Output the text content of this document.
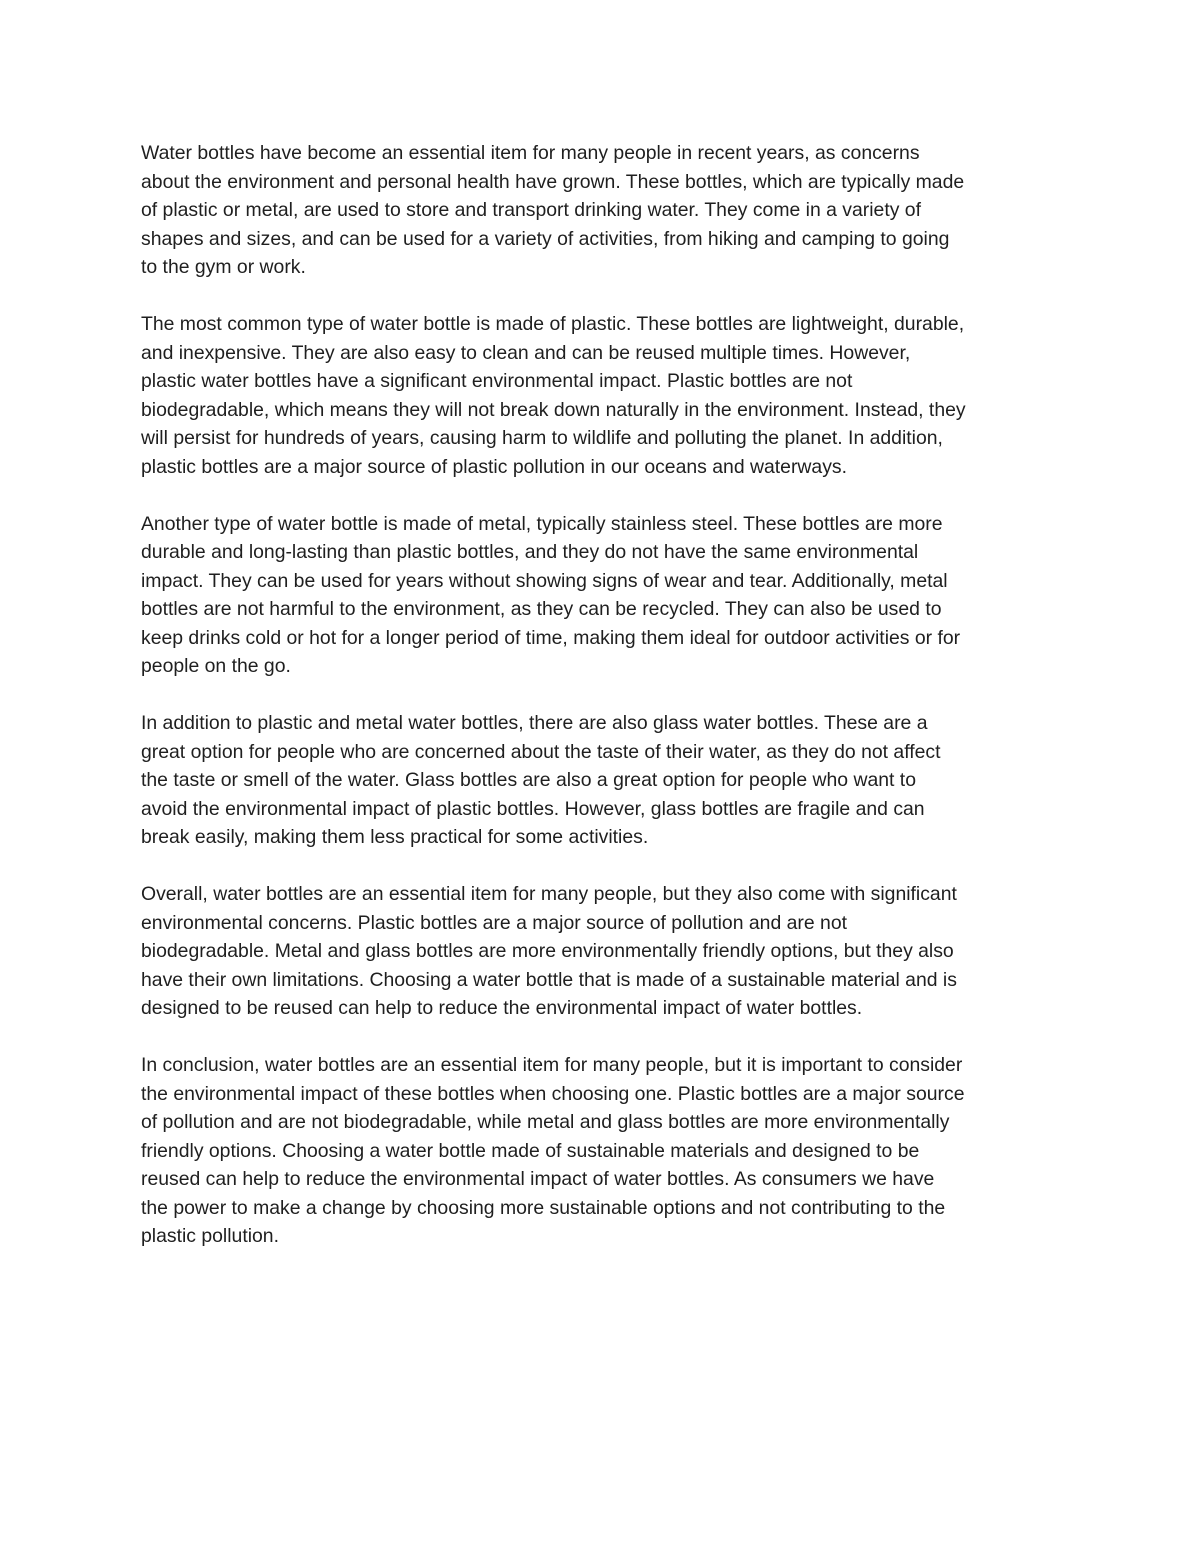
Water bottles have become an essential item for many people in recent years, as concerns
about the environment and personal health have grown. These bottles, which are typically made
of plastic or metal, are used to store and transport drinking water. They come in a variety of
shapes and sizes, and can be used for a variety of activities, from hiking and camping to going
to the gym or work.

The most common type of water bottle is made of plastic. These bottles are lightweight, durable,
and inexpensive. They are also easy to clean and can be reused multiple times. However,
plastic water bottles have a significant environmental impact. Plastic bottles are not
biodegradable, which means they will not break down naturally in the environment. Instead, they
will persist for hundreds of years, causing harm to wildlife and polluting the planet. In addition,
plastic bottles are a major source of plastic pollution in our oceans and waterways.

Another type of water bottle is made of metal, typically stainless steel. These bottles are more
durable and long-lasting than plastic bottles, and they do not have the same environmental
impact. They can be used for years without showing signs of wear and tear. Additionally, metal
bottles are not harmful to the environment, as they can be recycled. They can also be used to
keep drinks cold or hot for a longer period of time, making them ideal for outdoor activities or for
people on the go.

In addition to plastic and metal water bottles, there are also glass water bottles. These are a
great option for people who are concerned about the taste of their water, as they do not affect
the taste or smell of the water. Glass bottles are also a great option for people who want to
avoid the environmental impact of plastic bottles. However, glass bottles are fragile and can
break easily, making them less practical for some activities.

Overall, water bottles are an essential item for many people, but they also come with significant
environmental concerns. Plastic bottles are a major source of pollution and are not
biodegradable. Metal and glass bottles are more environmentally friendly options, but they also
have their own limitations. Choosing a water bottle that is made of a sustainable material and is
designed to be reused can help to reduce the environmental impact of water bottles.

In conclusion, water bottles are an essential item for many people, but it is important to consider
the environmental impact of these bottles when choosing one. Plastic bottles are a major source
of pollution and are not biodegradable, while metal and glass bottles are more environmentally
friendly options. Choosing a water bottle made of sustainable materials and designed to be
reused can help to reduce the environmental impact of water bottles. As consumers we have
the power to make a change by choosing more sustainable options and not contributing to the
plastic pollution.
